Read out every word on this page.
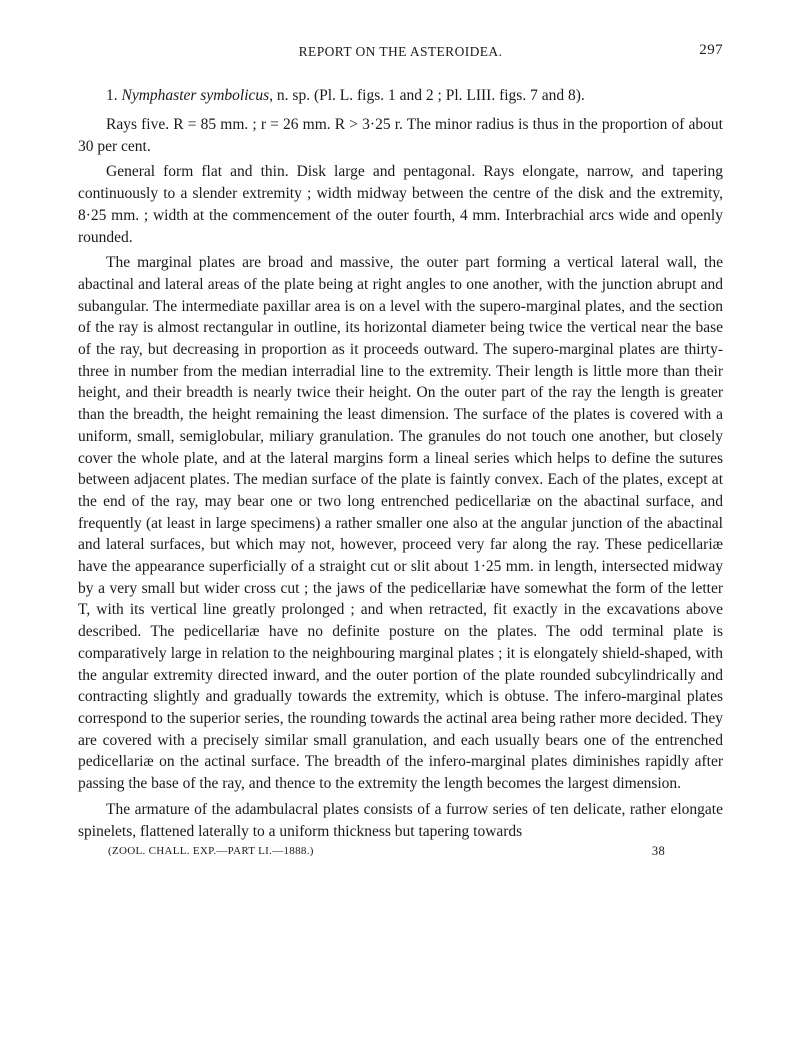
REPORT ON THE ASTEROIDEA.	297
1. Nymphaster symbolicus, n. sp. (Pl. L. figs. 1 and 2 ; Pl. LIII. figs. 7 and 8).

Rays five. R = 85 mm. ; r = 26 mm. R > 3·25 r. The minor radius is thus in the proportion of about 30 per cent.

General form flat and thin. Disk large and pentagonal. Rays elongate, narrow, and tapering continuously to a slender extremity ; width midway between the centre of the disk and the extremity, 8·25 mm. ; width at the commencement of the outer fourth, 4 mm. Interbrachial arcs wide and openly rounded.

The marginal plates are broad and massive, the outer part forming a vertical lateral wall, the abactinal and lateral areas of the plate being at right angles to one another, with the junction abrupt and subangular. The intermediate paxillar area is on a level with the supero-marginal plates, and the section of the ray is almost rectangular in outline, its horizontal diameter being twice the vertical near the base of the ray, but decreasing in proportion as it proceeds outward. The supero-marginal plates are thirty-three in number from the median interradial line to the extremity. Their length is little more than their height, and their breadth is nearly twice their height. On the outer part of the ray the length is greater than the breadth, the height remaining the least dimension. The surface of the plates is covered with a uniform, small, semiglobular, miliary granulation. The granules do not touch one another, but closely cover the whole plate, and at the lateral margins form a lineal series which helps to define the sutures between adjacent plates. The median surface of the plate is faintly convex. Each of the plates, except at the end of the ray, may bear one or two long entrenched pedicellariæ on the abactinal surface, and frequently (at least in large specimens) a rather smaller one also at the angular junction of the abactinal and lateral surfaces, but which may not, however, proceed very far along the ray. These pedicellariæ have the appearance superficially of a straight cut or slit about 1·25 mm. in length, intersected midway by a very small but wider cross cut ; the jaws of the pedicellariæ have somewhat the form of the letter T, with its vertical line greatly prolonged ; and when retracted, fit exactly in the excavations above described. The pedicellariæ have no definite posture on the plates. The odd terminal plate is comparatively large in relation to the neighbouring marginal plates ; it is elongately shield-shaped, with the angular extremity directed inward, and the outer portion of the plate rounded subcylindrically and contracting slightly and gradually towards the extremity, which is obtuse. The infero-marginal plates correspond to the superior series, the rounding towards the actinal area being rather more decided. They are covered with a precisely similar small granulation, and each usually bears one of the entrenched pedicellariæ on the actinal surface. The breadth of the infero-marginal plates diminishes rapidly after passing the base of the ray, and thence to the extremity the length becomes the largest dimension.

The armature of the adambulacral plates consists of a furrow series of ten delicate, rather elongate spinelets, flattened laterally to a uniform thickness but tapering towards

(ZOOL. CHALL. EXP.—PART LI.—1888.)	38
